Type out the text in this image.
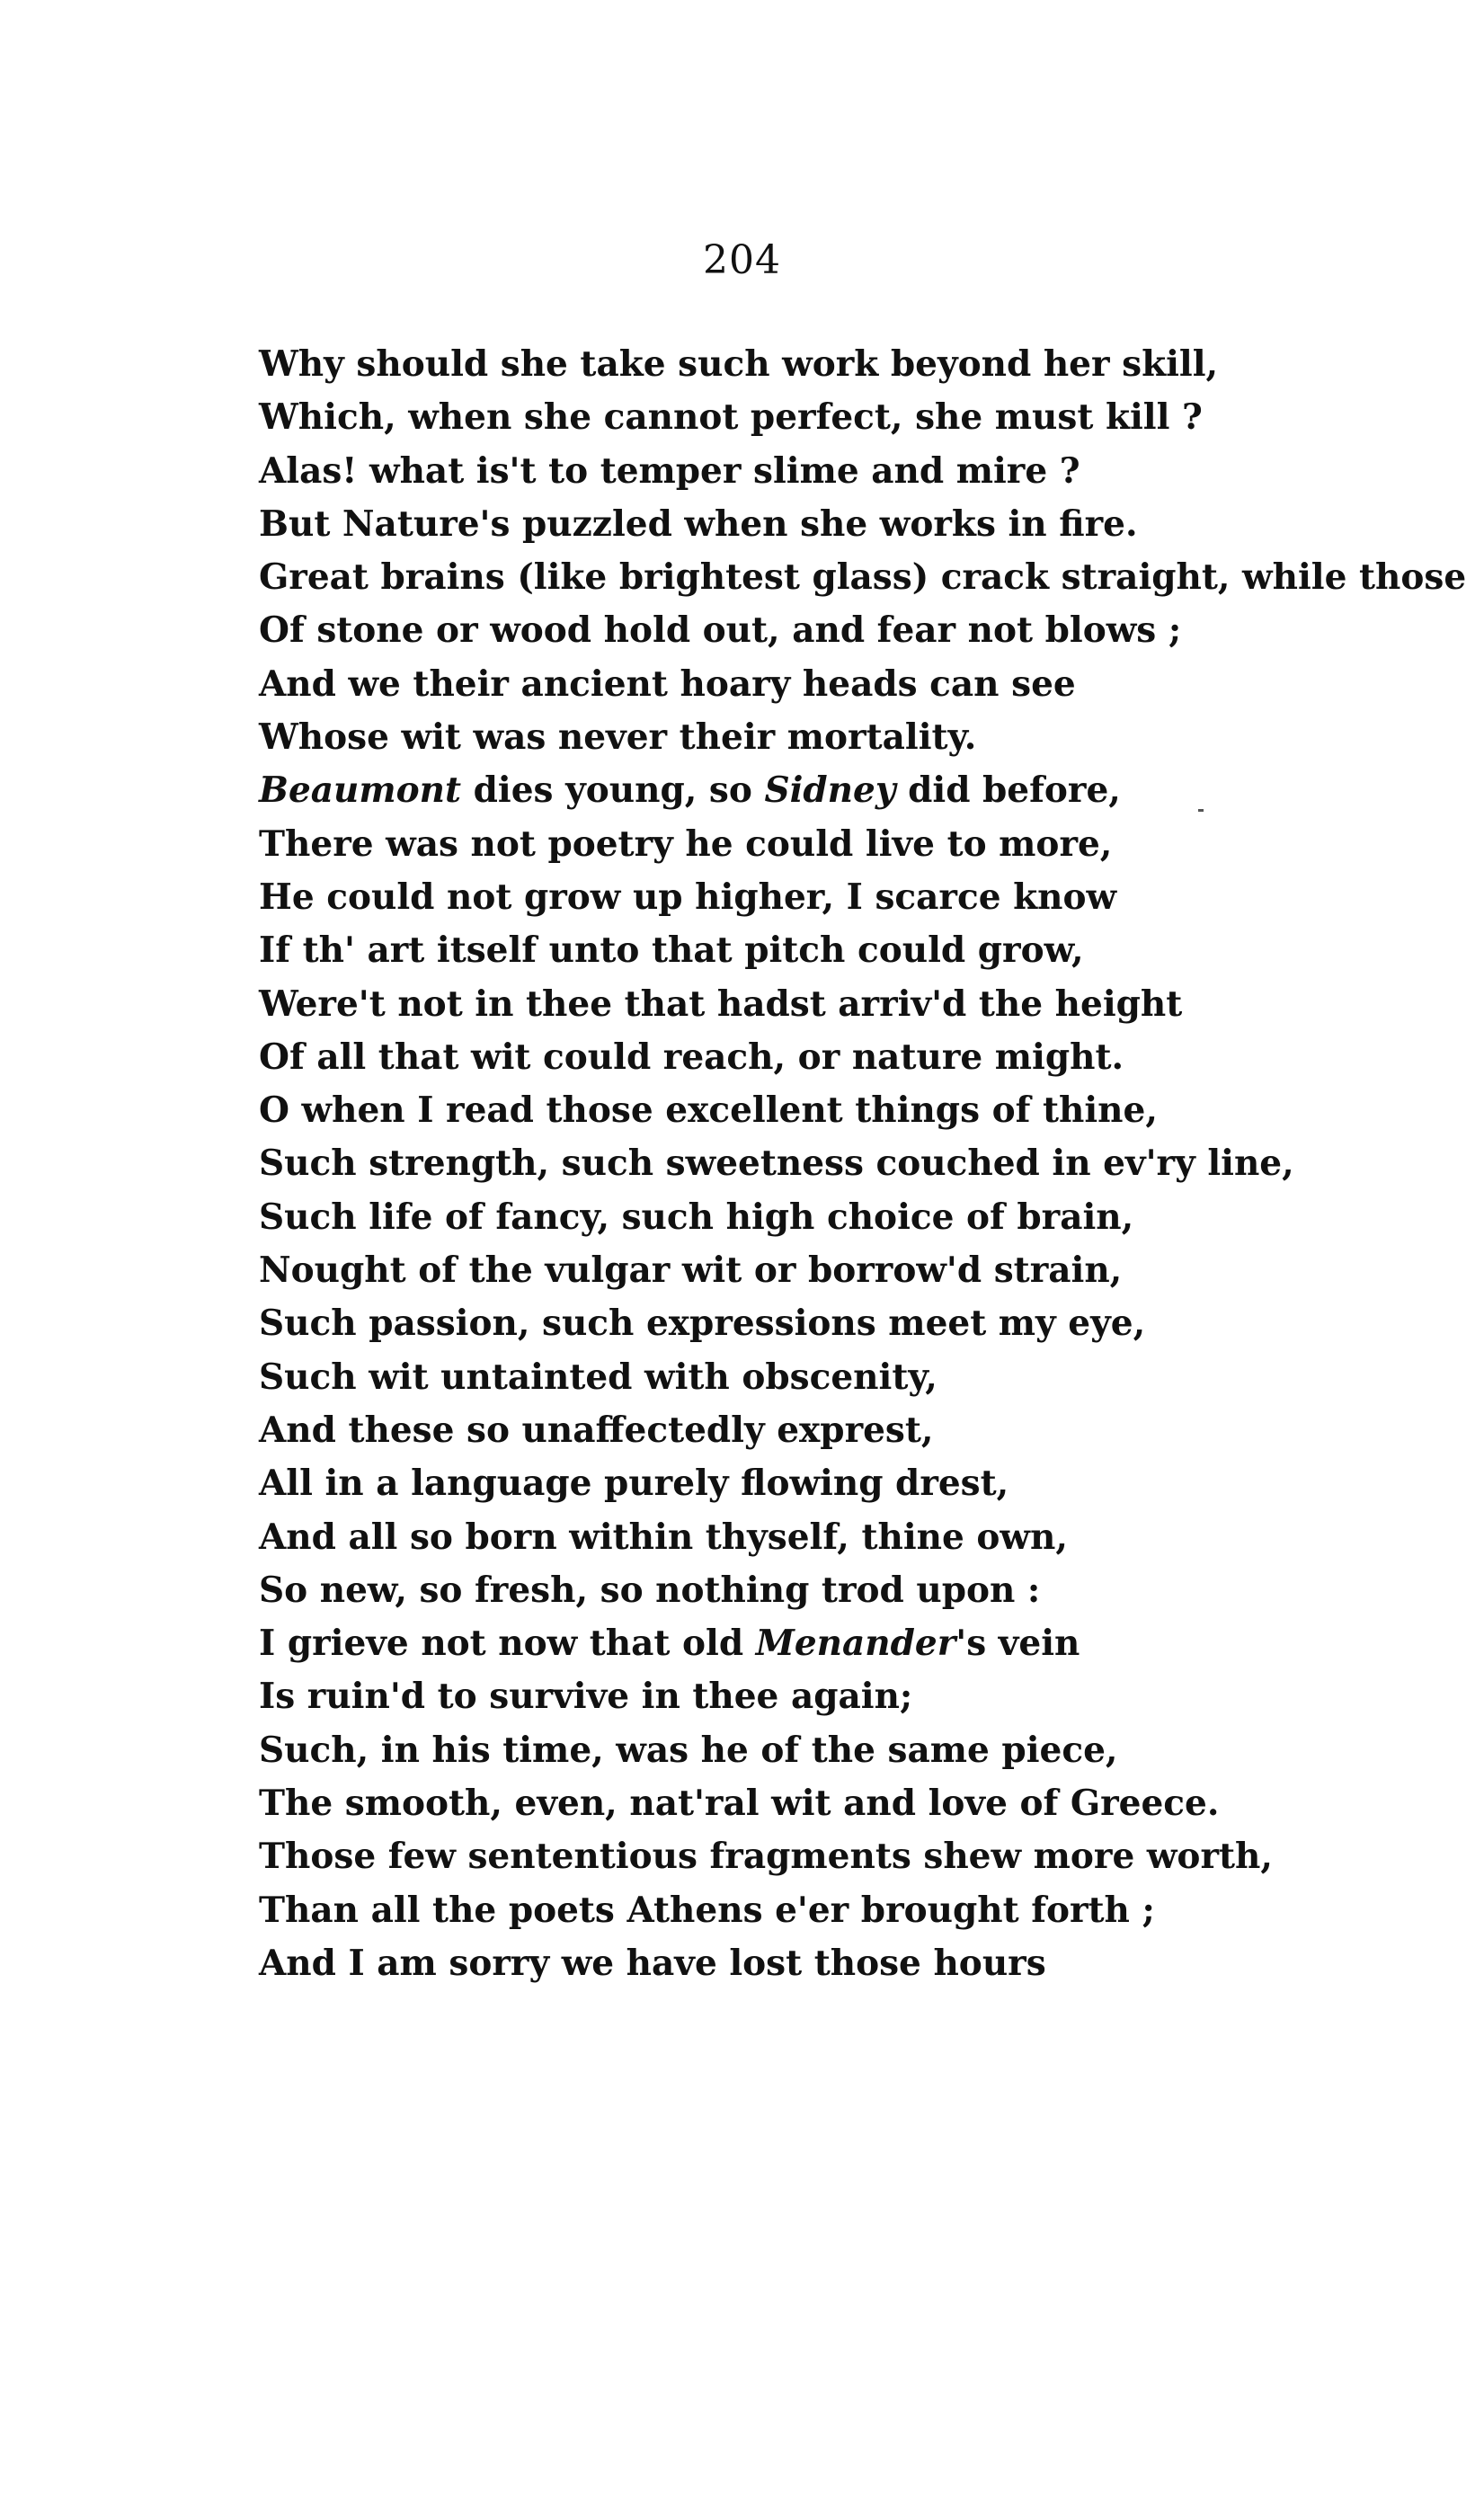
204
Why should she take such work beyond her skill,
Which, when she cannot perfect, she must kill ?
Alas! what is't to temper slime and mire ?
But Nature's puzzled when she works in fire.
Great brains (like brightest glass) crack straight, while those
Of stone or wood hold out, and fear not blows ;
And we their ancient hoary heads can see
Whose wit was never their mortality.
Beaumont dies young, so Sidney did before,
There was not poetry he could live to more,
He could not grow up higher, I scarce know
If th' art itself unto that pitch could grow,
Were't not in thee that hadst arriv'd the height
Of all that wit could reach, or nature might.
O when I read those excellent things of thine,
Such strength, such sweetness couched in ev'ry line,
Such life of fancy, such high choice of brain,
Nought of the vulgar wit or borrow'd strain,
Such passion, such expressions meet my eye,
Such wit untainted with obscenity,
And these so unaffectedly exprest,
All in a language purely flowing drest,
And all so born within thyself, thine own,
So new, so fresh, so nothing trod upon :
I grieve not now that old Menander's vein
Is ruin'd to survive in thee again;
Such, in his time, was he of the same piece,
The smooth, even, nat'ral wit and love of Greece.
Those few sententious fragments shew more worth,
Than all the poets Athens e'er brought forth ;
And I am sorry we have lost those hours
